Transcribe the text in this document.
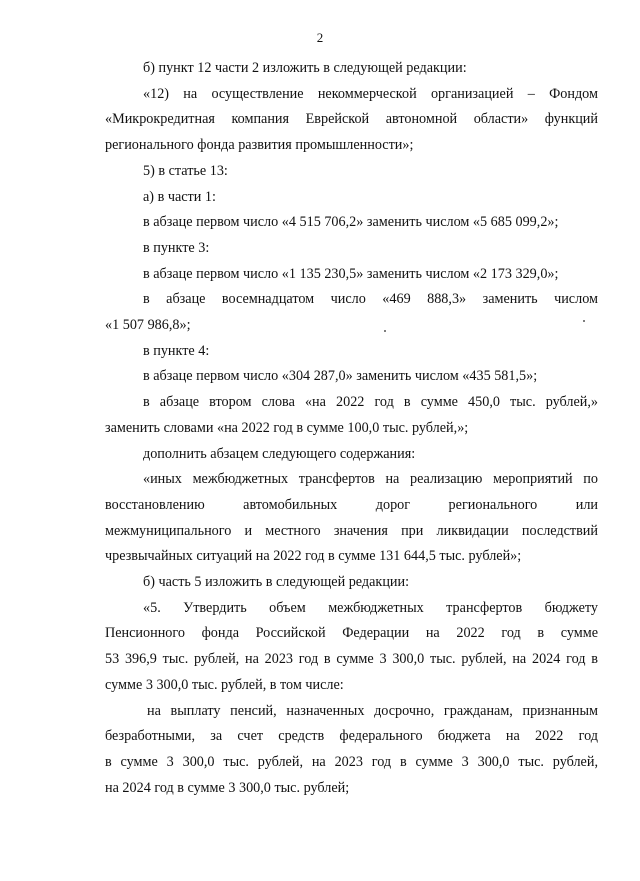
2
б) пункт 12 части 2 изложить в следующей редакции:
«12) на осуществление некоммерческой организацией – Фондом
«Микрокредитная компания Еврейской автономной области» функций
регионального фонда развития промышленности»;
5) в статье 13:
а) в части 1:
в абзаце первом число «4 515 706,2» заменить числом «5 685 099,2»;
в пункте 3:
в абзаце первом число «1 135 230,5» заменить числом «2 173 329,0»;
в абзаце восемнадцатом число «469 888,3» заменить числом
«1 507 986,8»;
в пункте 4:
в абзаце первом число «304 287,0» заменить числом «435 581,5»;
в абзаце втором слова «на 2022 год в сумме 450,0 тыс. рублей,»
заменить словами «на 2022 год в сумме 100,0 тыс. рублей,»;
дополнить абзацем следующего содержания:
«иных межбюджетных трансфертов на реализацию мероприятий по
восстановлению автомобильных дорог регионального или
межмуниципального и местного значения при ликвидации последствий
чрезвычайных ситуаций на 2022 год в сумме 131 644,5 тыс. рублей»;
б) часть 5 изложить в следующей редакции:
«5. Утвердить объем межбюджетных трансфертов бюджету
Пенсионного фонда Российской Федерации на 2022 год в сумме
53 396,9 тыс. рублей, на 2023 год в сумме 3 300,0 тыс. рублей, на 2024 год в
сумме 3 300,0 тыс. рублей, в том числе:
на выплату пенсий, назначенных досрочно, гражданам, признанным
безработными, за счет средств федерального бюджета на 2022 год
в сумме 3 300,0 тыс. рублей, на 2023 год в сумме 3 300,0 тыс. рублей,
на 2024 год в сумме 3 300,0 тыс. рублей;
